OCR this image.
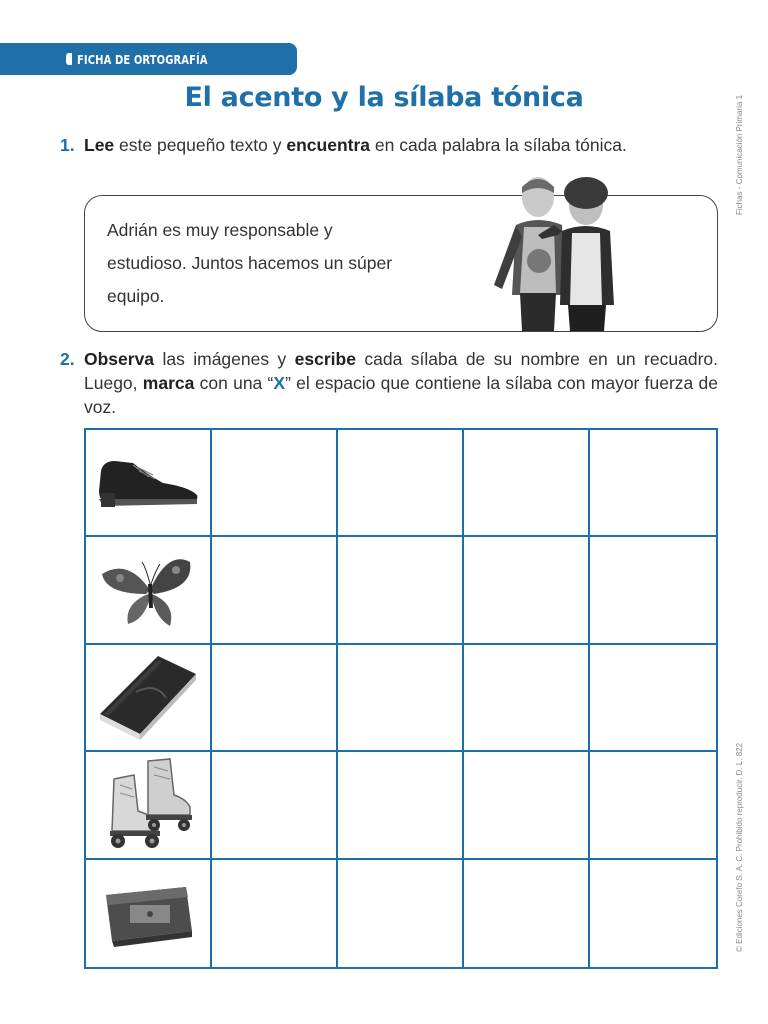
FICHA DE ORTOGRAFÍA
El acento y la sílaba tónica	Fichas - Comunicación Primaria 1
© Ediciones Corefo S. A. C. Prohibido reproducir. D. L. 822
1. Lee este pequeño texto y encuentra en cada palabra la sílaba tónica.

Adrián es muy responsable y estudioso. Juntos hacemos un súper equipo.

2. Observa las imágenes y escribe cada sílaba de su nombre en un recuadro. Luego, marca con una “X” el espacio que contiene la sílaba con mayor fuerza de voz.
